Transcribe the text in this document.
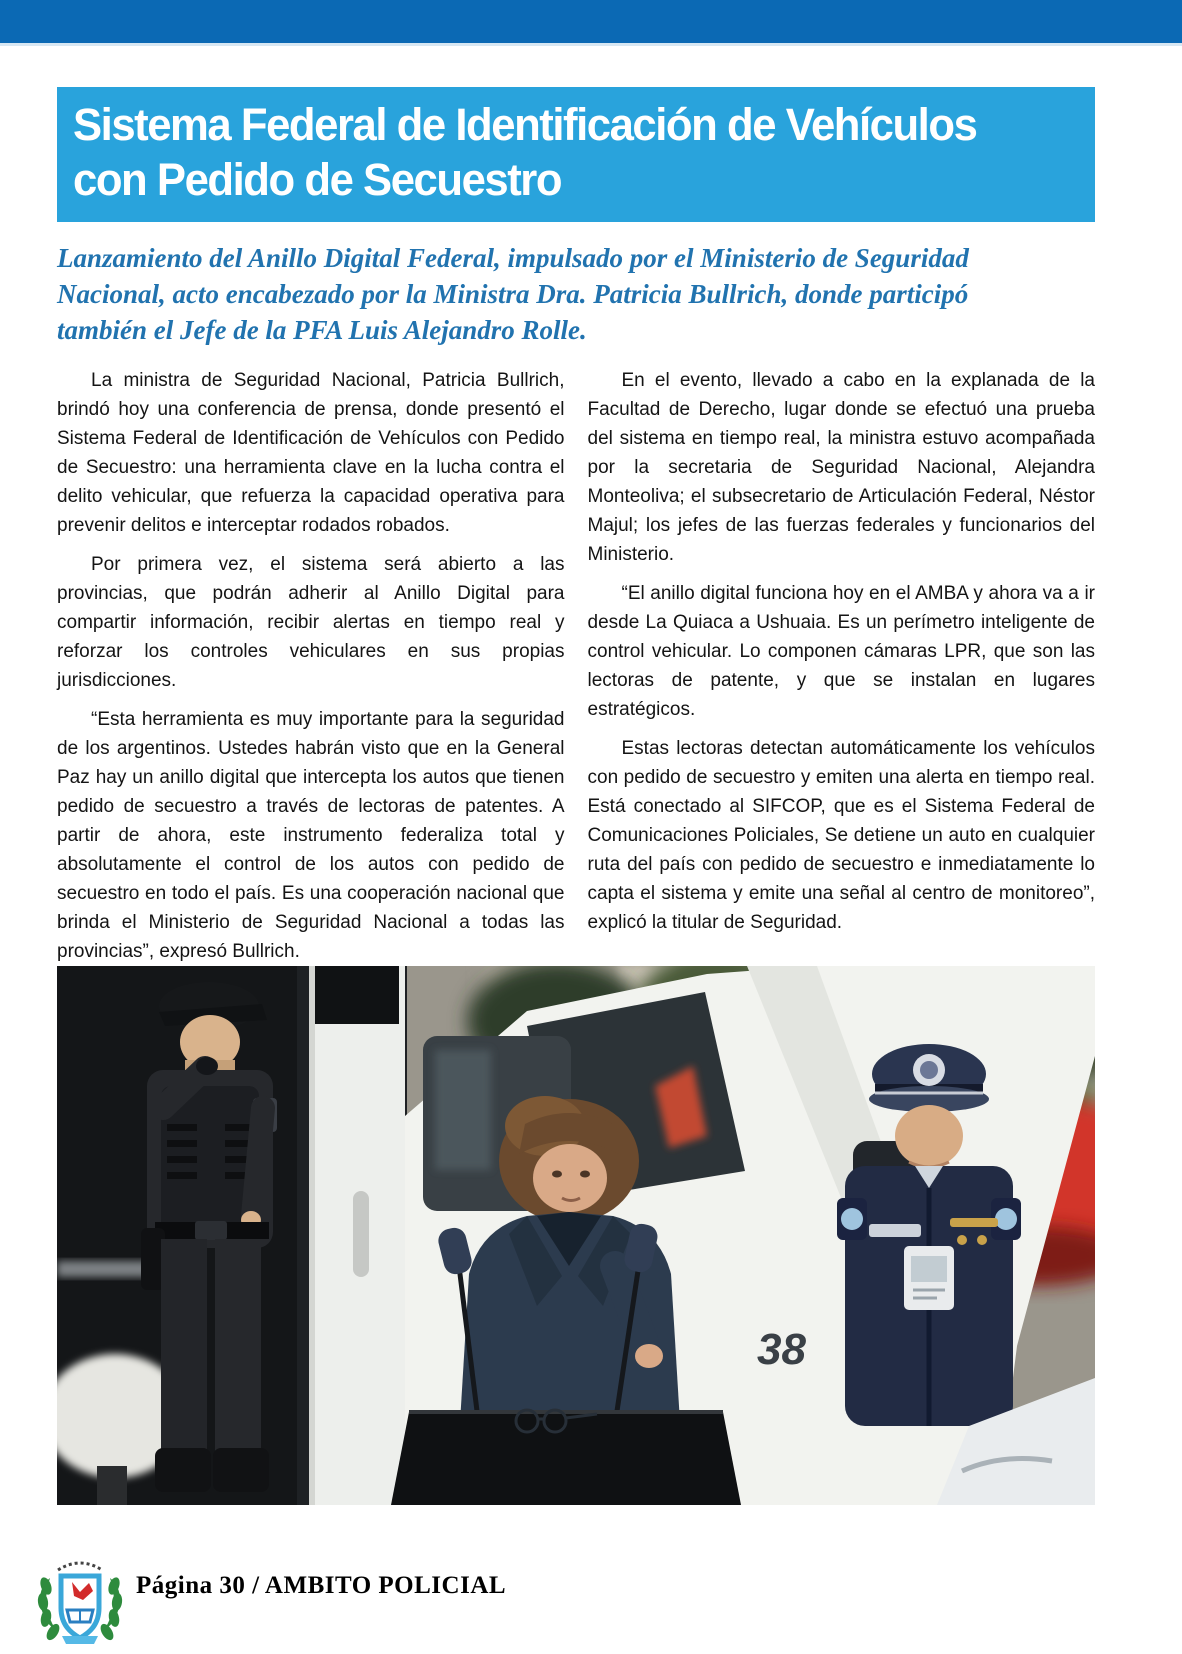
Sistema Federal de Identificación de Vehículos
con Pedido de Secuestro
Lanzamiento del Anillo Digital Federal, impulsado por el Ministerio de Seguridad Nacional, acto encabezado por la Ministra Dra. Patricia Bullrich, donde participó también el Jefe de la PFA Luis Alejandro Rolle.

La ministra de Seguridad Nacional, Patricia Bullrich, brindó hoy una conferencia de prensa, donde presentó el Sistema Federal de Identificación de Vehículos con Pedido de Secuestro: una herramienta clave en la lucha contra el delito vehicular, que refuerza la capacidad operativa para prevenir delitos e interceptar rodados robados.

Por primera vez, el sistema será abierto a las provincias, que podrán adherir al Anillo Digital para compartir información, recibir alertas en tiempo real y reforzar los controles vehiculares en sus propias jurisdicciones.

“Esta herramienta es muy importante para la seguridad de los argentinos. Ustedes habrán visto que en la General Paz hay un anillo digital que intercepta los autos que tienen pedido de secuestro a través de lectoras de patentes. A partir de ahora, este instrumento federaliza total y absolutamente el control de los autos con pedido de secuestro en todo el país. Es una cooperación nacional que brinda el Ministerio de Seguridad Nacional a todas las provincias”, expresó Bullrich.

En el evento, llevado a cabo en la explanada de la Facultad de Derecho, lugar donde se efectuó una prueba del sistema en tiempo real, la ministra estuvo acompañada por la secretaria de Seguridad Nacional, Alejandra Monteoliva; el subsecretario de Articulación Federal, Néstor Majul; los jefes de las fuerzas federales y funcionarios del Ministerio.

“El anillo digital funciona hoy en el AMBA y ahora va a ir desde La Quiaca a Ushuaia. Es un perímetro inteligente de control vehicular. Lo componen cámaras LPR, que son las lectoras de patente, y que se instalan en lugares estratégicos.

Estas lectoras detectan automáticamente los vehículos con pedido de secuestro y emiten una alerta en tiempo real. Está conectado al SIFCOP, que es el Sistema Federal de Comunicaciones Policiales, Se detiene un auto en cualquier ruta del país con pedido de secuestro e inmediatamente lo capta el sistema y emite una señal al centro de monitoreo”, explicó la titular de Seguridad.

38
Página 30 / AMBITO POLICIAL
